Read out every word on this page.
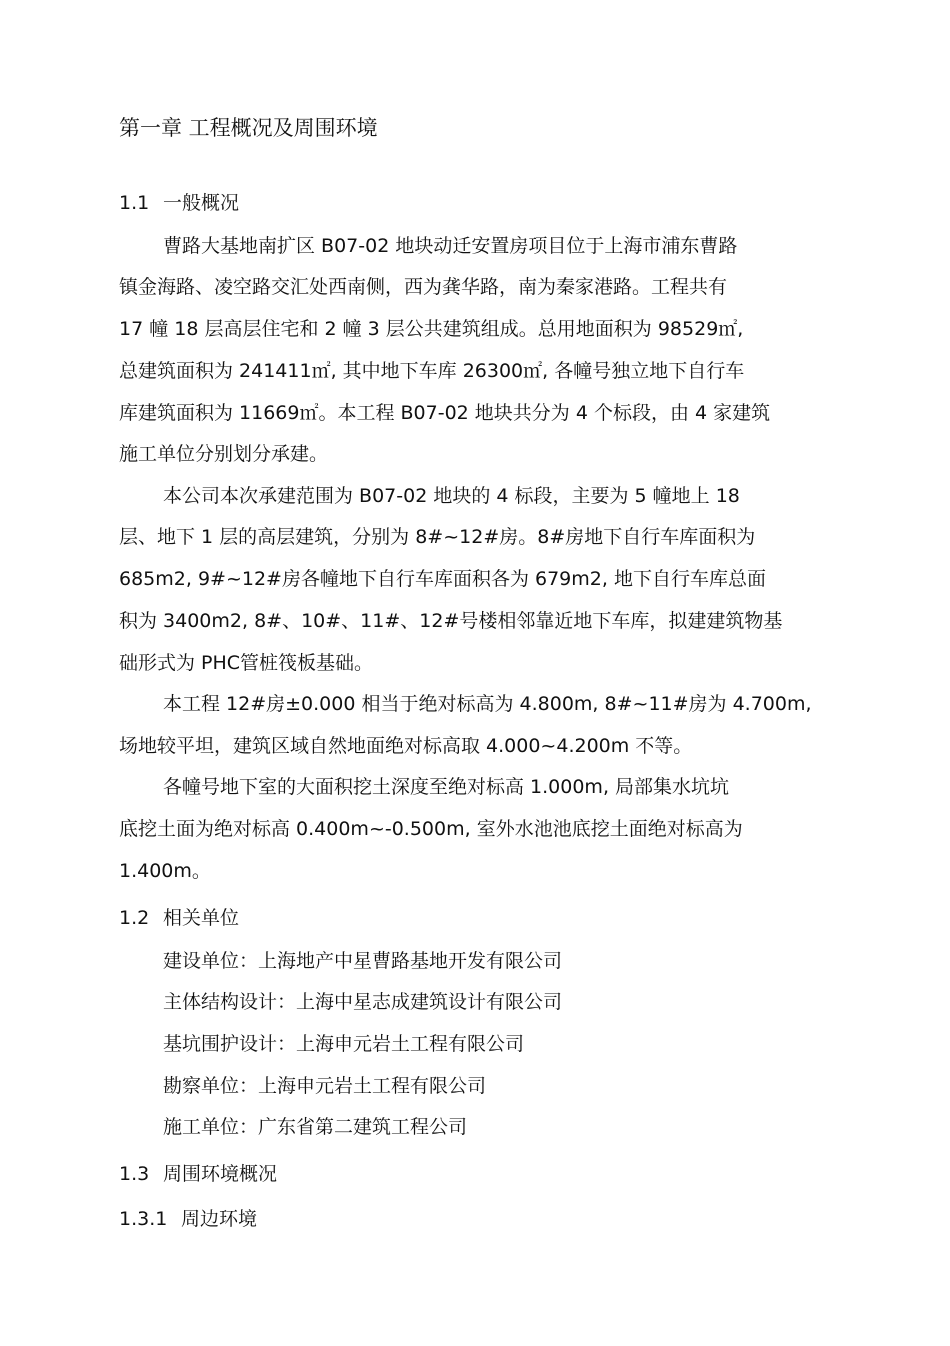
第一章 工程概况及周围环境
1.1 一般概况
曹路大基地南扩区 B07-02 地块动迁安置房项目位于上海市浦东曹路
镇金海路、凌空路交汇处西南侧，西为龚华路，南为秦家港路。工程共有
17 幢 18 层高层住宅和 2 幢 3 层公共建筑组成。总用地面积为 98529㎡,
总建筑面积为 241411㎡, 其中地下车库 26300㎡, 各幢号独立地下自行车
库建筑面积为 11669㎡。本工程 B07-02 地块共分为 4 个标段，由 4 家建筑
施工单位分别划分承建。
本公司本次承建范围为 B07-02 地块的 4 标段，主要为 5 幢地上 18
层、地下 1 层的高层建筑，分别为 8#~12#房。8#房地下自行车库面积为
685m2, 9#~12#房各幢地下自行车库面积各为 679m2, 地下自行车库总面
积为 3400m2, 8#、10#、11#、12#号楼相邻靠近地下车库，拟建建筑物基
础形式为 PHC管桩筏板基础。
本工程 12#房±0.000 相当于绝对标高为 4.800m, 8#~11#房为 4.700m,
场地较平坦，建筑区域自然地面绝对标高取 4.000~4.200m 不等。
各幢号地下室的大面积挖土深度至绝对标高 1.000m, 局部集水坑坑
底挖土面为绝对标高 0.400m~-0.500m, 室外水池池底挖土面绝对标高为
1.400m。
1.2 相关单位
建设单位：上海地产中星曹路基地开发有限公司
主体结构设计：上海中星志成建筑设计有限公司
基坑围护设计：上海申元岩土工程有限公司
勘察单位：上海申元岩土工程有限公司
施工单位：广东省第二建筑工程公司
1.3 周围环境概况
1.3.1 周边环境
